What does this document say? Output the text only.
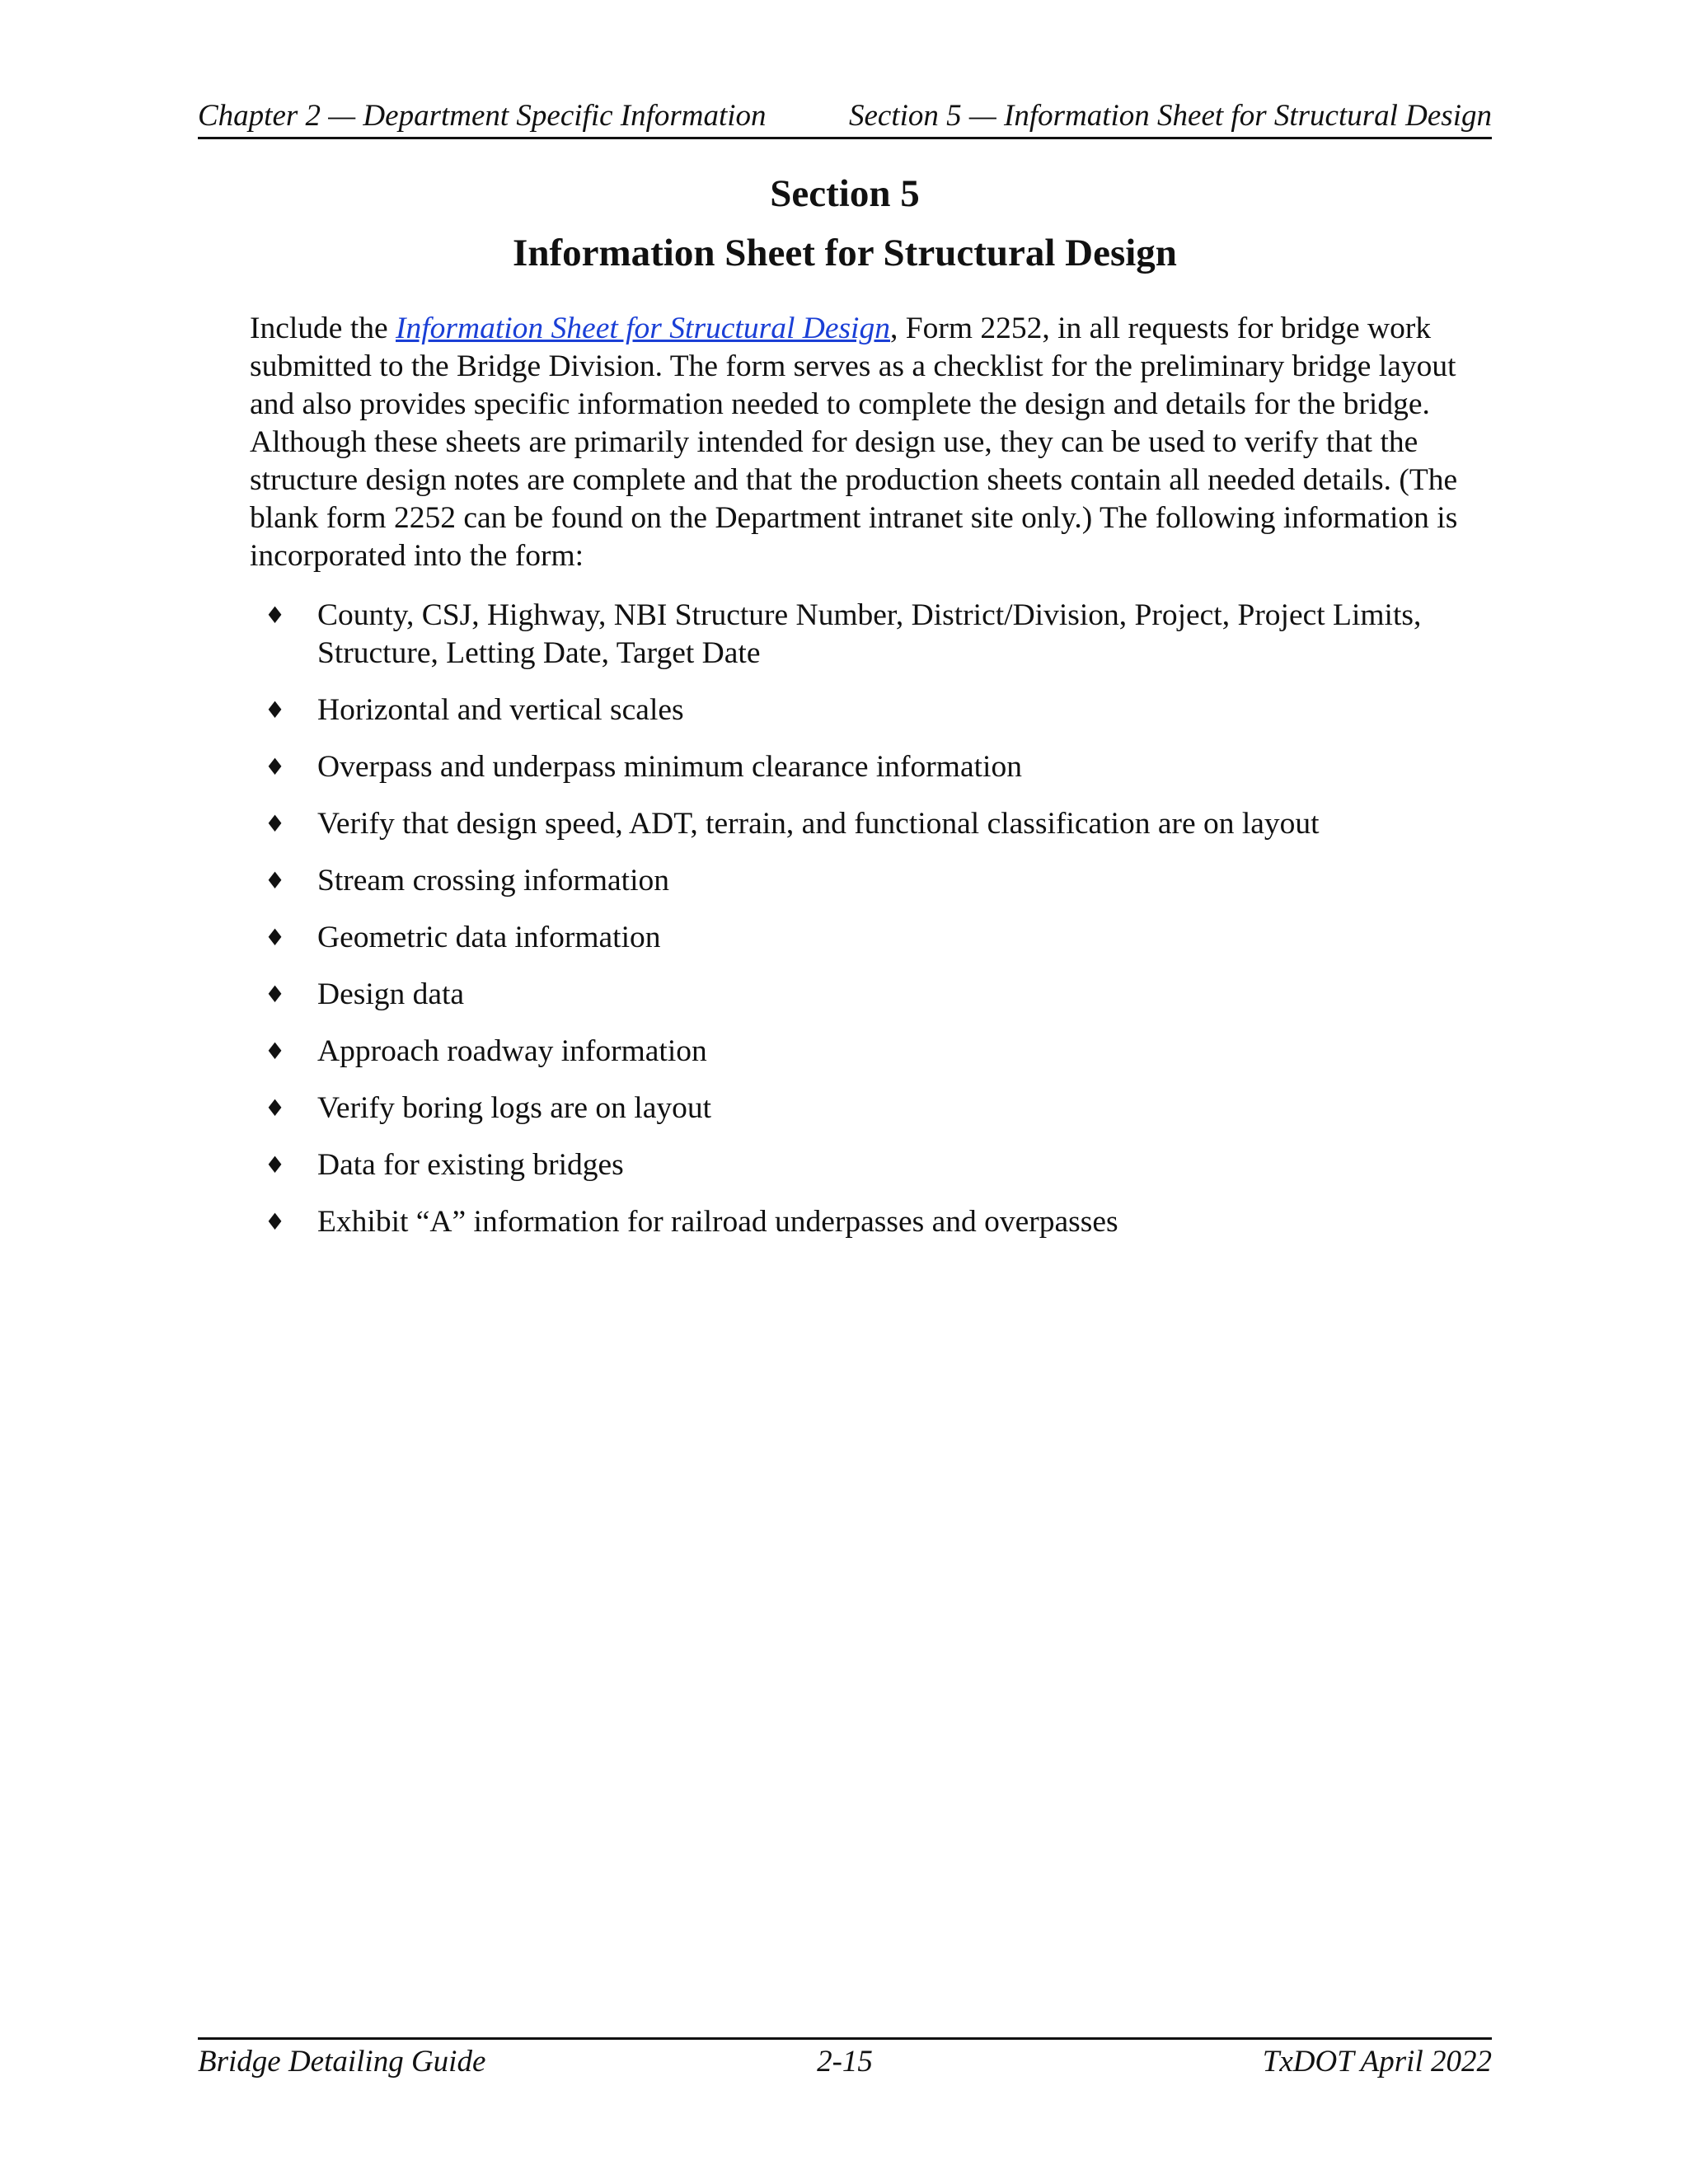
Chapter 2 — Department Specific Information	Section 5 — Information Sheet for Structural Design
Section 5
Information Sheet for Structural Design

Include the Information Sheet for Structural Design, Form 2252, in all requests for bridge work submitted to the Bridge Division. The form serves as a checklist for the preliminary bridge layout and also provides specific information needed to complete the design and details for the bridge. Although these sheets are primarily intended for design use, they can be used to verify that the structure design notes are complete and that the production sheets contain all needed details. (The blank form 2252 can be found on the Department intranet site only.) The following information is incorporated into the form:

♦ County, CSJ, Highway, NBI Structure Number, District/Division, Project, Project Limits, Structure, Letting Date, Target Date
♦ Horizontal and vertical scales
♦ Overpass and underpass minimum clearance information
♦ Verify that design speed, ADT, terrain, and functional classification are on layout
♦ Stream crossing information
♦ Geometric data information
♦ Design data
♦ Approach roadway information
♦ Verify boring logs are on layout
♦ Data for existing bridges
♦ Exhibit “A” information for railroad underpasses and overpasses
Bridge Detailing Guide	2-15	TxDOT April 2022
